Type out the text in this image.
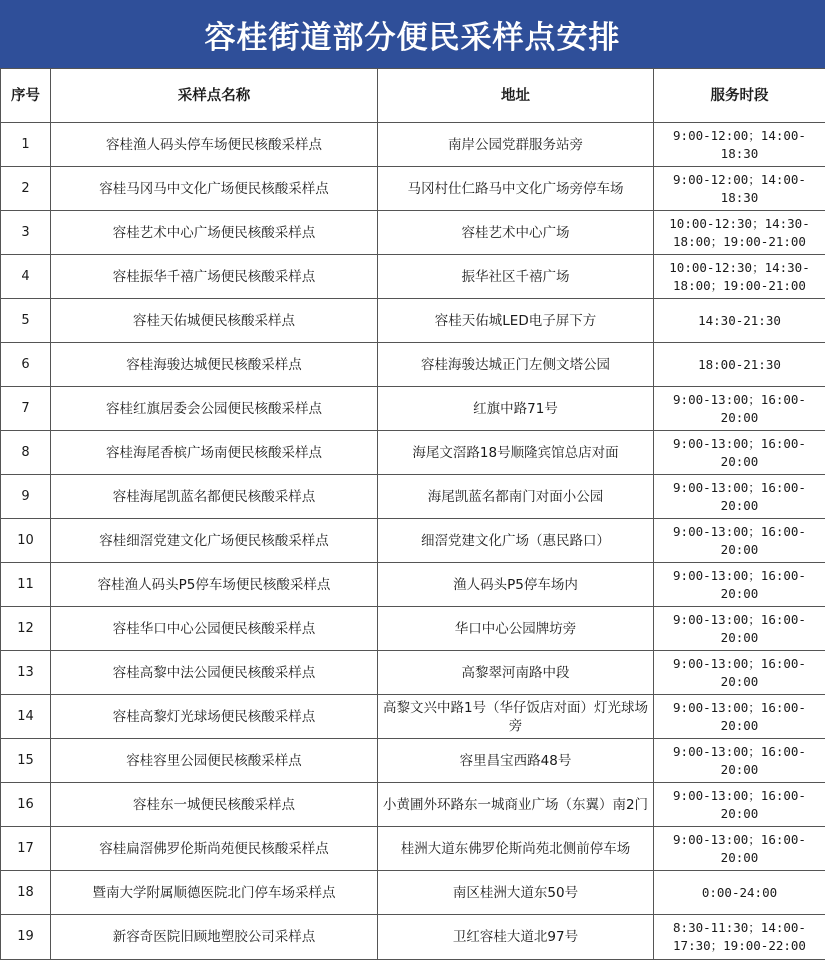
容桂街道部分便民采样点安排
序号	采样点名称	地址	服务时段
1	容桂渔人码头停车场便民核酸采样点	南岸公园党群服务站旁	9:00-12:00；14:00-18:30
2	容桂马冈马中文化广场便民核酸采样点	马冈村仕仁路马中文化广场旁停车场	9:00-12:00；14:00-18:30
3	容桂艺术中心广场便民核酸采样点	容桂艺术中心广场	10:00-12:30；14:30-18:00；19:00-21:00
4	容桂振华千禧广场便民核酸采样点	振华社区千禧广场	10:00-12:30；14:30-18:00；19:00-21:00
5	容桂天佑城便民核酸采样点	容桂天佑城LED电子屏下方	14:30-21:30
6	容桂海骏达城便民核酸采样点	容桂海骏达城正门左侧文塔公园	18:00-21:30
7	容桂红旗居委会公园便民核酸采样点	红旗中路71号	9:00-13:00；16:00-20:00
8	容桂海尾香槟广场南便民核酸采样点	海尾文滘路18号顺隆宾馆总店对面	9:00-13:00；16:00-20:00
9	容桂海尾凯蓝名都便民核酸采样点	海尾凯蓝名都南门对面小公园	9:00-13:00；16:00-20:00
10	容桂细滘党建文化广场便民核酸采样点	细滘党建文化广场（惠民路口）	9:00-13:00；16:00-20:00
11	容桂渔人码头P5停车场便民核酸采样点	渔人码头P5停车场内	9:00-13:00；16:00-20:00
12	容桂华口中心公园便民核酸采样点	华口中心公园牌坊旁	9:00-13:00；16:00-20:00
13	容桂高黎中法公园便民核酸采样点	高黎翠河南路中段	9:00-13:00；16:00-20:00
14	容桂高黎灯光球场便民核酸采样点	高黎文兴中路1号（华仔饭店对面）灯光球场旁	9:00-13:00；16:00-20:00
15	容桂容里公园便民核酸采样点	容里昌宝西路48号	9:00-13:00；16:00-20:00
16	容桂东一城便民核酸采样点	小黄圃外环路东一城商业广场（东翼）南2门	9:00-13:00；16:00-20:00
17	容桂扁滘佛罗伦斯尚苑便民核酸采样点	桂洲大道东佛罗伦斯尚苑北侧前停车场	9:00-13:00；16:00-20:00
18	暨南大学附属顺德医院北门停车场采样点	南区桂洲大道东50号	0:00-24:00
19	新容奇医院旧顾地塑胶公司采样点	卫红容桂大道北97号	8:30-11:30；14:00-17:30；19:00-22:00
